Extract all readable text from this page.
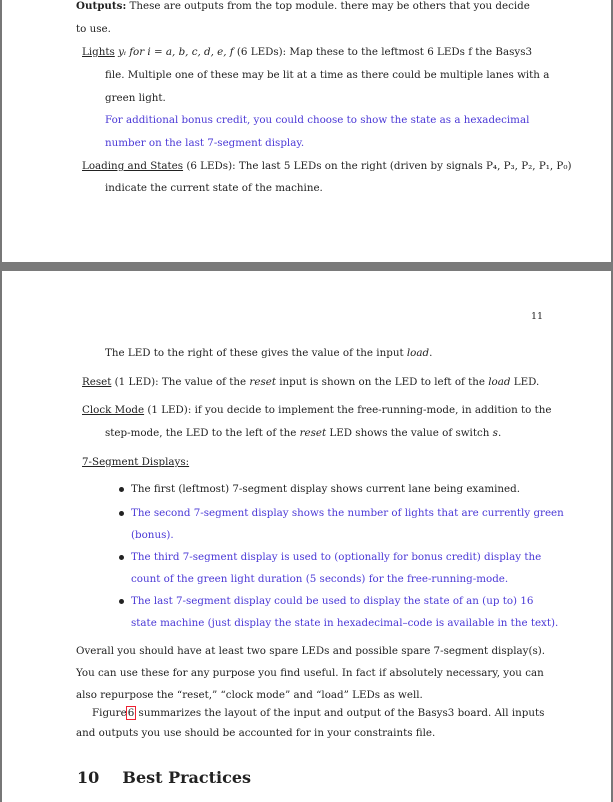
Outputs: These are outputs from the top module. there may be others that you decide
to use.
Lights yᵢ for i = a, b, c, d, e, f (6 LEDs): Map these to the leftmost 6 LEDs f the Basys3
file. Multiple one of these may be lit at a time as there could be multiple lanes with a
green light.
For additional bonus credit, you could choose to show the state as a hexadecimal
number on the last 7-segment display.
Loading and States (6 LEDs): The last 5 LEDs on the right (driven by signals P₄, P₃, P₂, P₁, P₀)
indicate the current state of the machine.
11
The LED to the right of these gives the value of the input load.
Reset (1 LED): The value of the reset input is shown on the LED to left of the load LED.
Clock Mode (1 LED): if you decide to implement the free-running-mode, in addition to the
step-mode, the LED to the left of the reset LED shows the value of switch s.
7-Segment Displays:
The first (leftmost) 7-segment display shows current lane being examined.
The second 7-segment display shows the number of lights that are currently green
(bonus).
The third 7-segment display is used to (optionally for bonus credit) display the
count of the green light duration (5 seconds) for the free-running-mode.
The last 7-segment display could be used to display the state of an (up to) 16
state machine (just display the state in hexadecimal–code is available in the text).
Overall you should have at least two spare LEDs and possible spare 7-segment display(s).
You can use these for any purpose you find useful. In fact if absolutely necessary, you can
also repurpose the “reset,” “clock mode” and “load” LEDs as well.
Figure6 summarizes the layout of the input and output of the Basys3 board. All inputs
and outputs you use should be accounted for in your constraints file.
10 Best Practices
